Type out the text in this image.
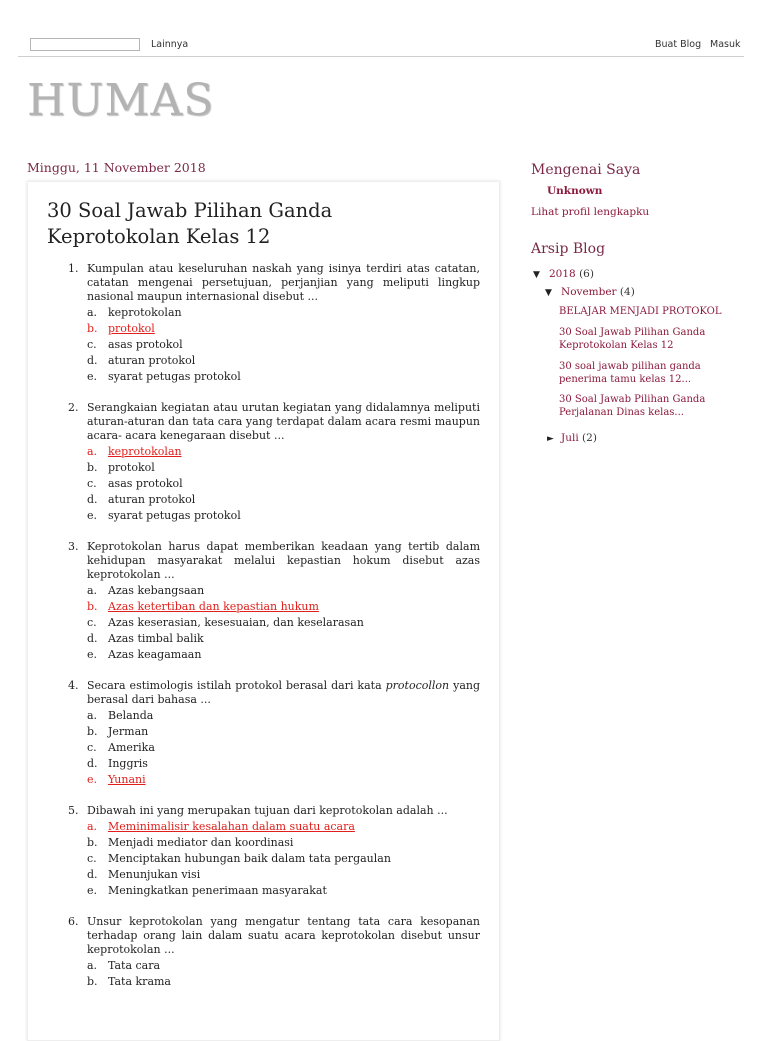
Lainnya	Buat Blog Masuk
HUMAS
Minggu, 11 November 2018
30 Soal Jawab Pilihan Ganda Keprotokolan Kelas 12
1. Kumpulan atau keseluruhan naskah yang isinya terdiri atas catatan, catatan mengenai persetujuan, perjanjian yang meliputi lingkup nasional maupun internasional disebut ...
a. keprotokolan
b. protokol
c. asas protokol
d. aturan protokol
e. syarat petugas protokol
2. Serangkaian kegiatan atau urutan kegiatan yang didalamnya meliputi aturan-aturan dan tata cara yang terdapat dalam acara resmi maupun acara- acara kenegaraan disebut ...
a. keprotokolan
b. protokol
c. asas protokol
d. aturan protokol
e. syarat petugas protokol
3. Keprotokolan harus dapat memberikan keadaan yang tertib dalam kehidupan masyarakat melalui kepastian hokum disebut azas keprotokolan ...
a. Azas kebangsaan
b. Azas ketertiban dan kepastian hukum
c. Azas keserasian, kesesuaian, dan keselarasan
d. Azas timbal balik
e. Azas keagamaan
4. Secara estimologis istilah protokol berasal dari kata protocollon yang berasal dari bahasa ...
a. Belanda
b. Jerman
c. Amerika
d. Inggris
e. Yunani
5. Dibawah ini yang merupakan tujuan dari keprotokolan adalah ...
a. Meminimalisir kesalahan dalam suatu acara
b. Menjadi mediator dan koordinasi
c. Menciptakan hubungan baik dalam tata pergaulan
d. Menunjukan visi
e. Meningkatkan penerimaan masyarakat
6. Unsur keprotokolan yang mengatur tentang tata cara kesopanan terhadap orang lain dalam suatu acara keprotokolan disebut unsur keprotokolan ...
a. Tata cara
b. Tata krama
Mengenai Saya
Unknown
Lihat profil lengkapku
Arsip Blog
▼ 2018 (6)
▼ November (4)
BELAJAR MENJADI PROTOKOL
30 Soal Jawab Pilihan Ganda Keprotokolan Kelas 12
30 soal jawab pilihan ganda penerima tamu kelas 12...
30 Soal Jawab Pilihan Ganda Perjalanan Dinas kelas...
► Juli (2)
